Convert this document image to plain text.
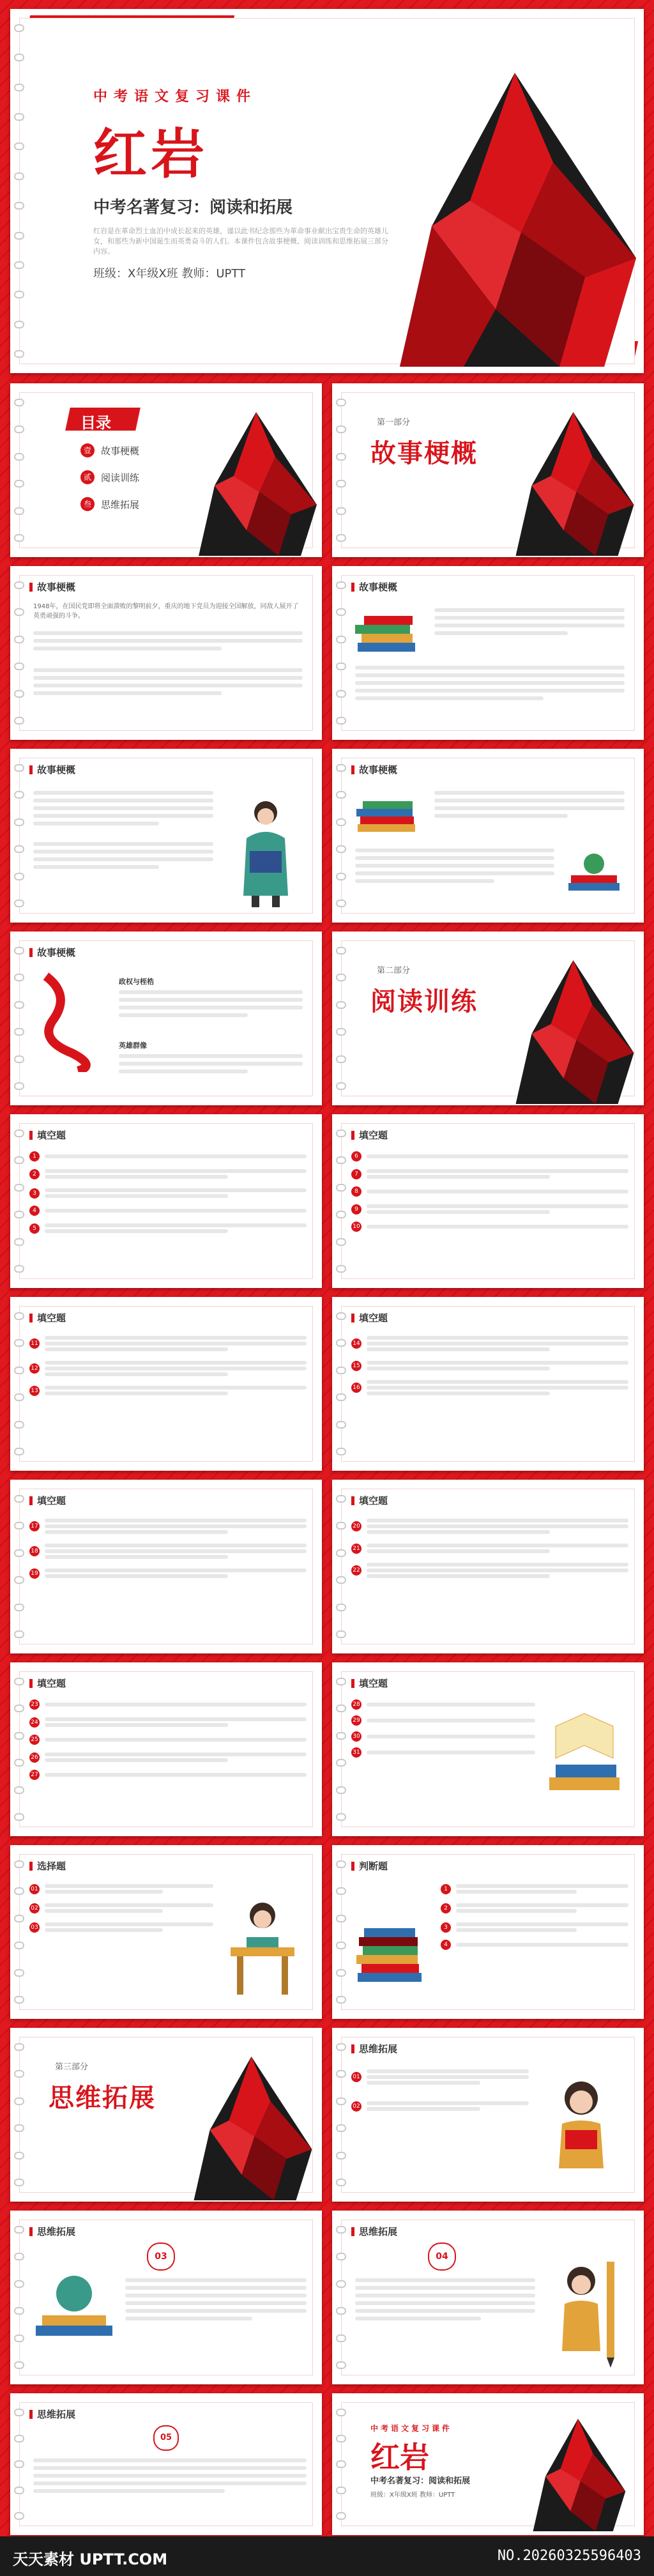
中考语文复习课件
红岩
中考名著复习：阅读和拓展
红岩是在革命烈士血泊中成长起来的英雄，谨以此书纪念那些为革命事业献出宝贵生命的英雄儿女，和那些为新中国诞生而英勇奋斗的人们。本课件包含故事梗概、阅读训练和思维拓展三部分内容。
班级：X年级X班 教师：UPTT
目录
壹	故事梗概
贰	阅读训练
叁	思维拓展
第一部分
故事梗概
故事梗概
1948年，在国民党即将全面溃败的黎明前夕，重庆的地下党员为迎接全国解放，同敌人展开了英勇顽强的斗争。
故事梗概
故事梗概	故事梗概
故事梗概
政权与桎梏
英雄群像
第二部分
阅读训练
填空题
1
2
3
4
5
填空题
6
7
8
9
10
填空题
11
12
13
填空题
14
15
16
填空题
17
18
19
填空题
20
21
22
填空题
23
24
25
26
27
填空题
28
29
30
31
选择题
01
02
03
判断题
1
2
3
4
第三部分
思维拓展
思维拓展
01
02
思维拓展
03
思维拓展
04
思维拓展
05
中考语文复习课件
红岩
中考名著复习：阅读和拓展
班级：X年级X班 教师：UPTT
天天素材 UPTT.COM	NO.20260325596403
